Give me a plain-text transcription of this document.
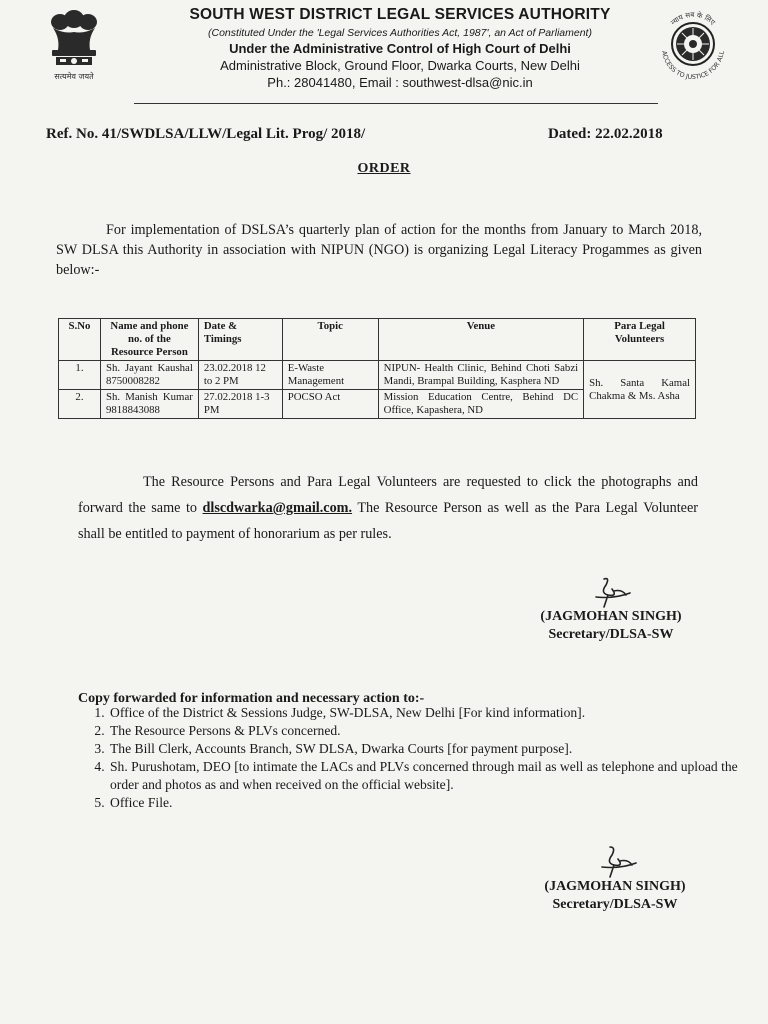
सत्यमेव जयते
SOUTH WEST DISTRICT LEGAL SERVICES AUTHORITY
(Constituted Under the 'Legal Services Authorities Act, 1987', an Act of Parliament)
Under the Administrative Control of High Court of Delhi
Administrative Block, Ground Floor, Dwarka Courts, New Delhi
Ph.: 28041480, Email : southwest-dlsa@nic.in
न्याय सब के लिए
ACCESS TO JUSTICE FOR ALL
Ref. No. 41/SWDLSA/LLW/Legal Lit. Prog/ 2018/	Dated: 22.02.2018
ORDER
For implementation of DSLSA’s quarterly plan of action for the months from January to March 2018, SW DLSA this Authority in association with NIPUN (NGO) is organizing Legal Literacy Progammes as given below:-
S.No	Name and phone no. of the Resource Person	Date & Timings	Topic	Venue	Para Legal Volunteers
1.	Sh. Jayant Kaushal 8750008282	23.02.2018 12 to 2 PM	E-Waste Management	NIPUN- Health Clinic, Behind Choti Sabzi Mandi, Brampal Building, Kasphera ND	Sh. Santa Kamal Chakma & Ms. Asha
2.	Sh. Manish Kumar 9818843088	27.02.2018 1-3 PM	POCSO Act	Mission Education Centre, Behind DC Office, Kapashera, ND	
The Resource Persons and Para Legal Volunteers are requested to click the photographs and forward the same to dlscdwarka@gmail.com. The Resource Person as well as the Para Legal Volunteer shall be entitled to payment of honorarium as per rules.
(JAGMOHAN SINGH)
Secretary/DLSA-SW
Copy forwarded for information and necessary action to:-
1. Office of the District & Sessions Judge, SW-DLSA, New Delhi [For kind information].
2. The Resource Persons & PLVs concerned.
3. The Bill Clerk, Accounts Branch, SW DLSA, Dwarka Courts [for payment purpose].
4. Sh. Purushotam, DEO [to intimate the LACs and PLVs concerned through mail as well as telephone and upload the order and photos as and when received on the official website].
5. Office File.
(JAGMOHAN SINGH)
Secretary/DLSA-SW
